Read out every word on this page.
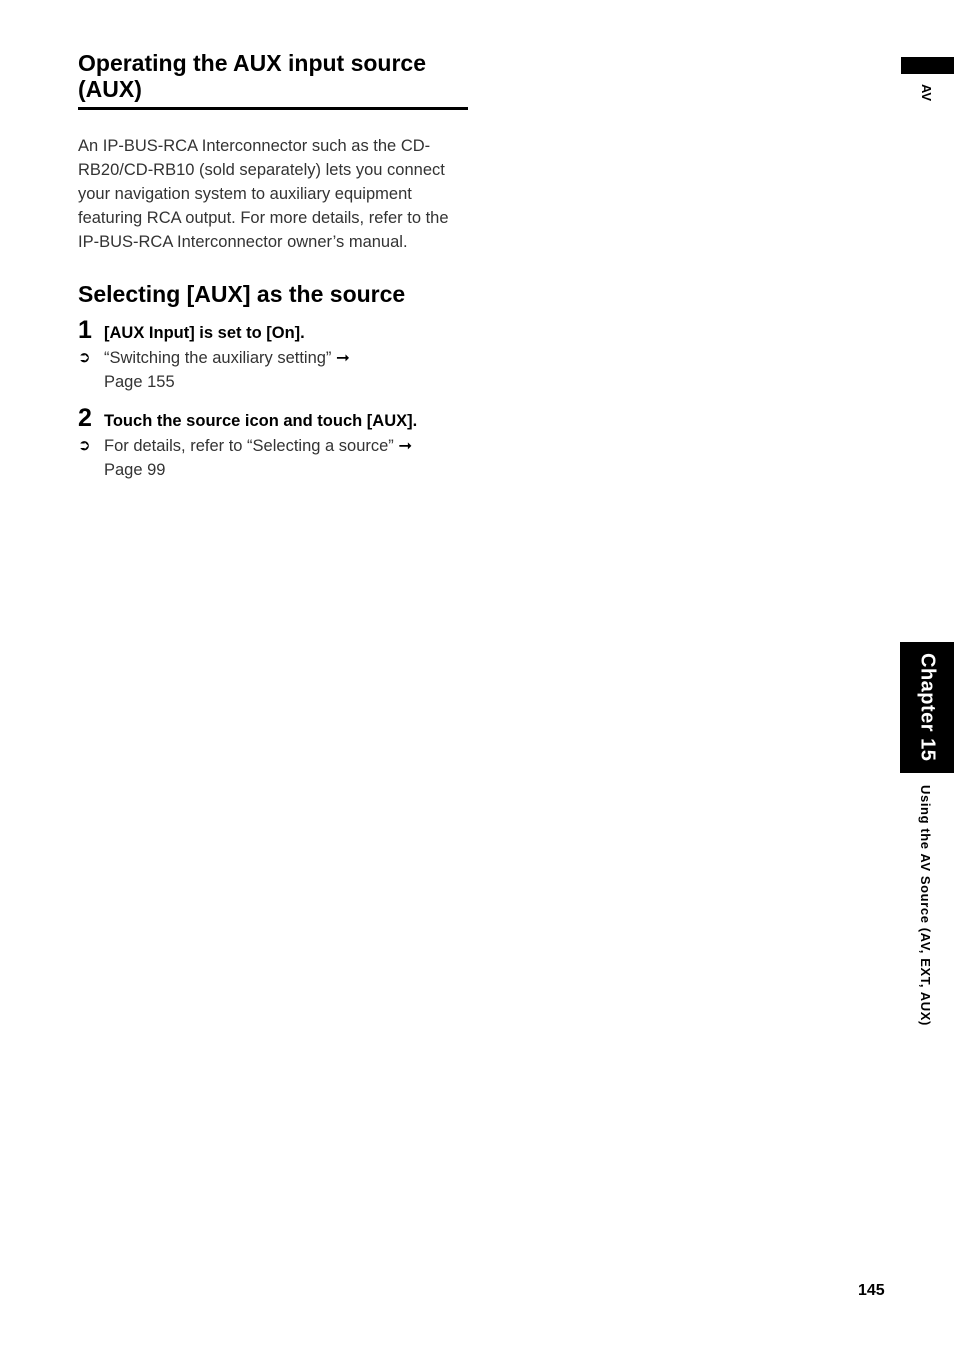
Operating the AUX input source (AUX)

An IP-BUS-RCA Interconnector such as the CD-RB20/CD-RB10 (sold separately) lets you connect your navigation system to auxiliary equipment featuring RCA output. For more details, refer to the IP-BUS-RCA Interconnector owner’s manual.

Selecting [AUX] as the source
1 [AUX Input] is set to [On].
➲ “Switching the auxiliary setting” ➞
Page 155
2 Touch the source icon and touch [AUX].
➲ For details, refer to “Selecting a source” ➞
Page 99
AV
Chapter 15
Using the AV Source (AV, EXT, AUX)
145
